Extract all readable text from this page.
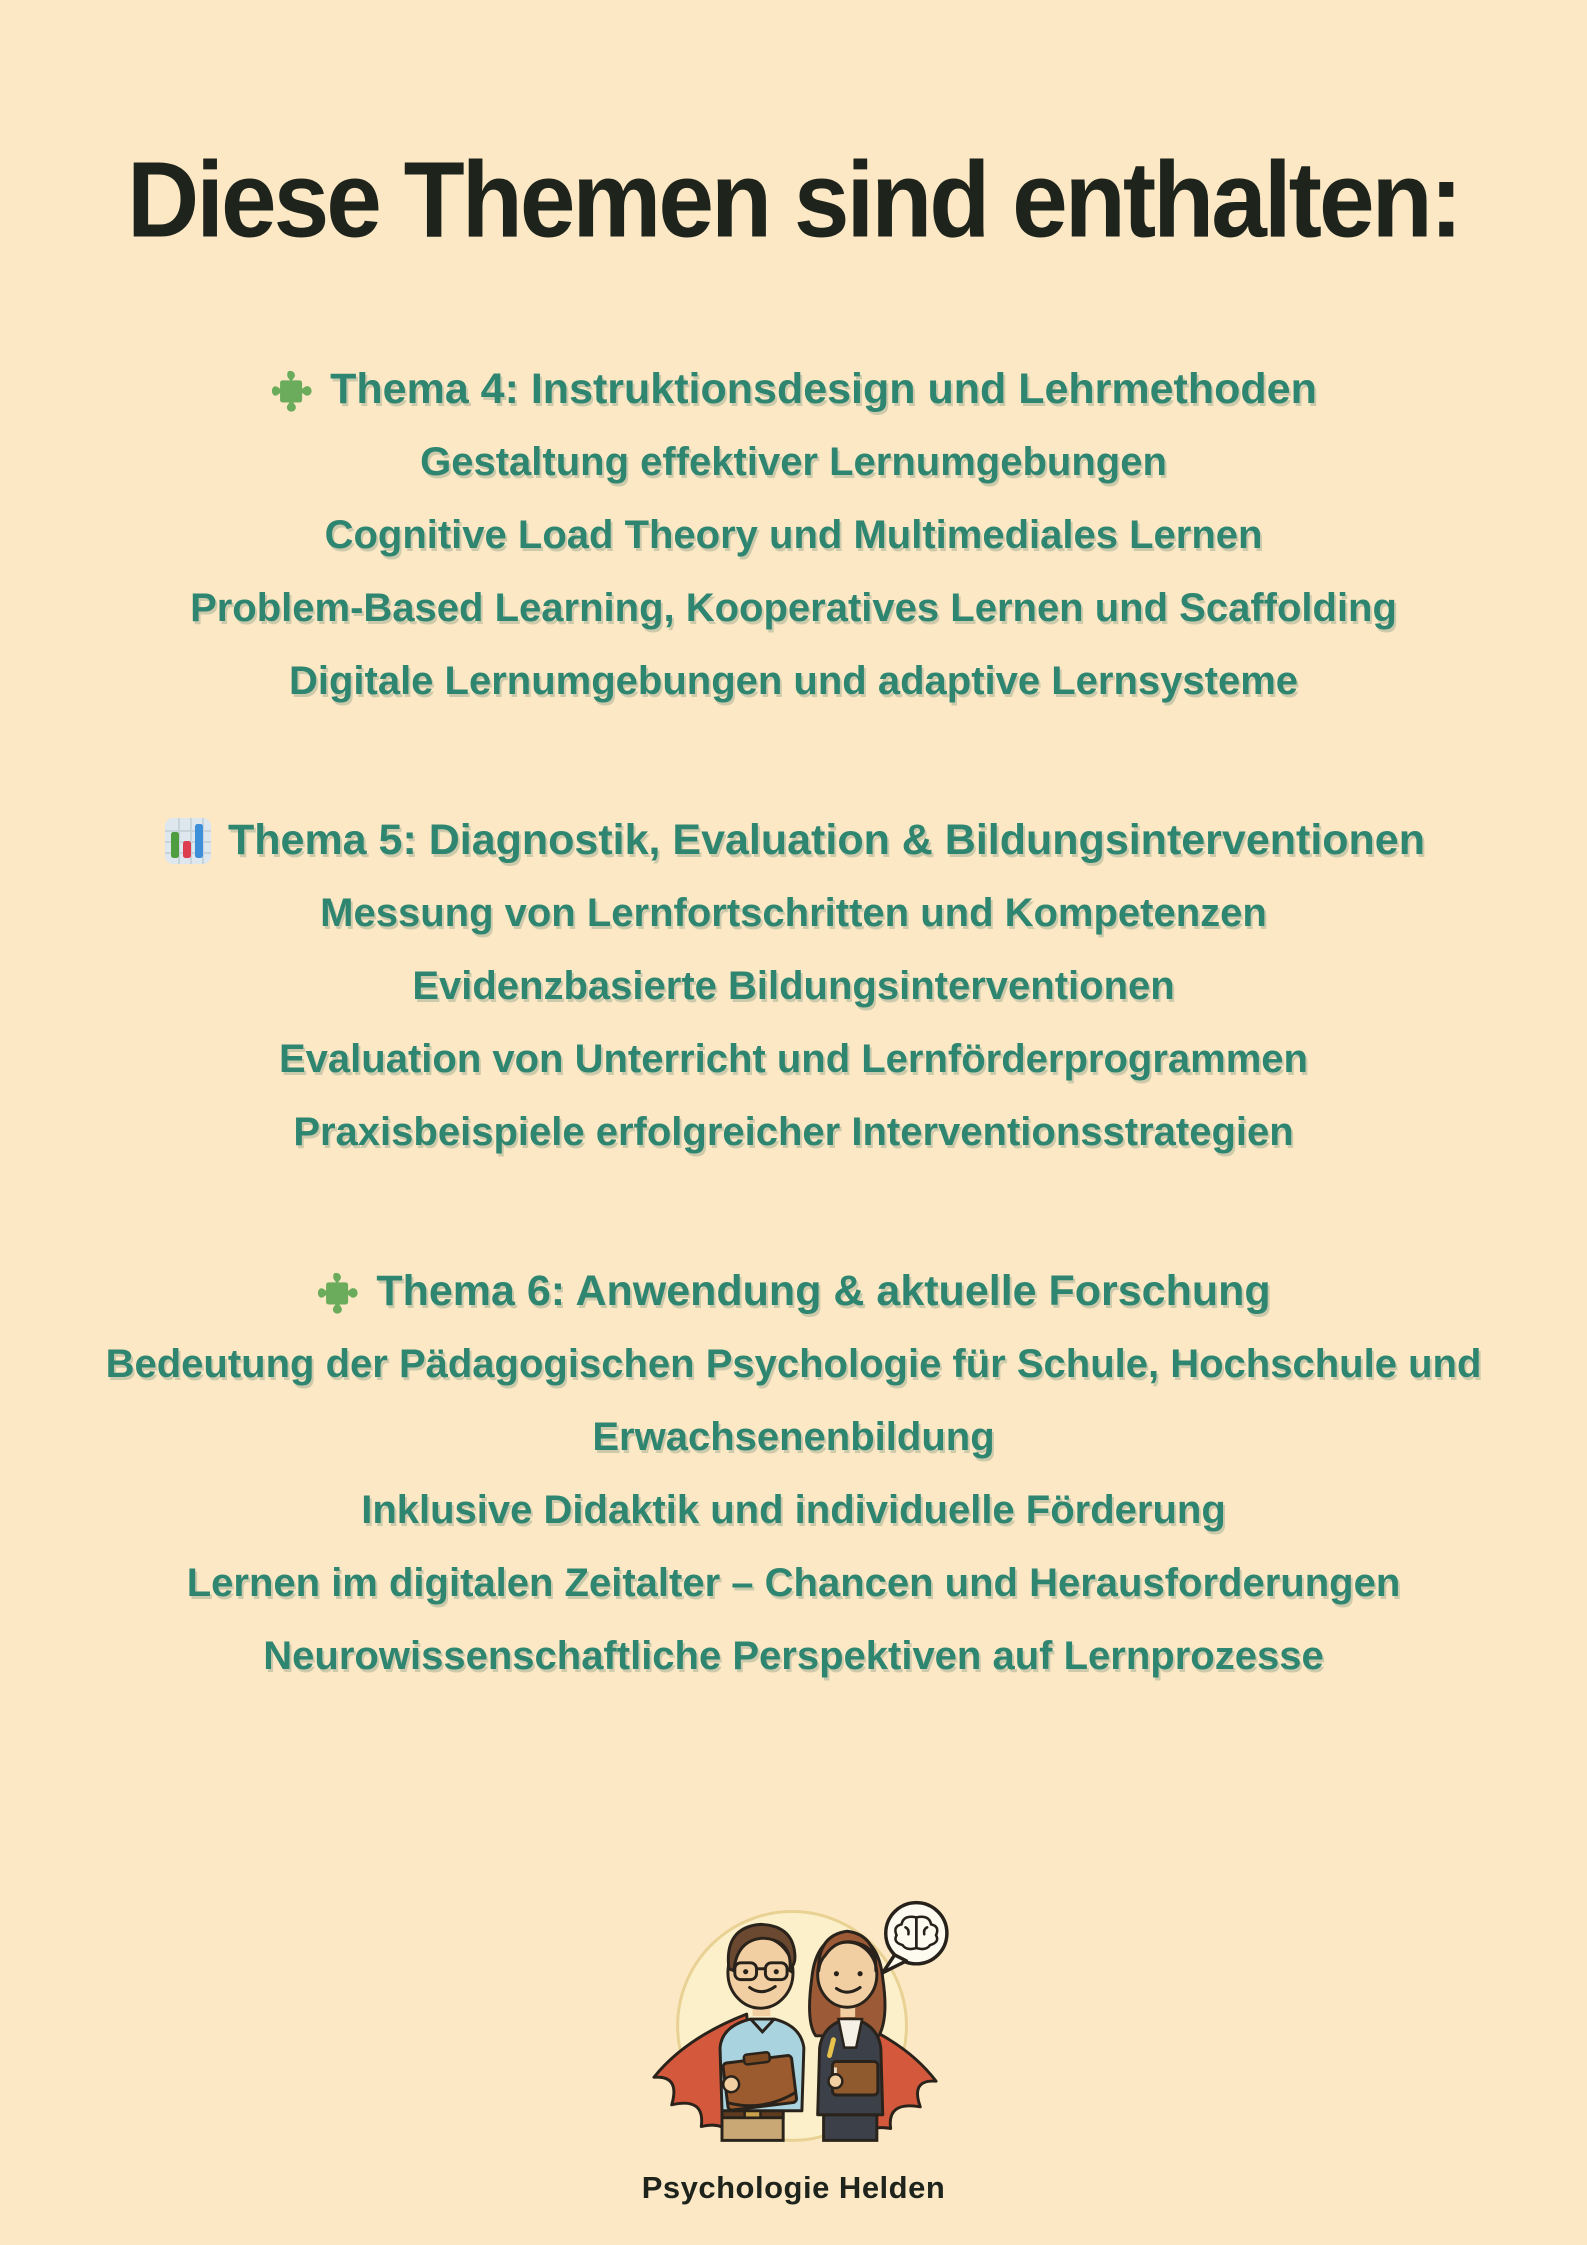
Diese Themen sind enthalten:
Thema 4: Instruktionsdesign und Lehrmethoden

Gestaltung effektiver Lernumgebungen

Cognitive Load Theory und Multimediales Lernen

Problem-Based Learning, Kooperatives Lernen und Scaffolding

Digitale Lernumgebungen und adaptive Lernsysteme

Thema 5: Diagnostik, Evaluation & Bildungsinterventionen

Messung von Lernfortschritten und Kompetenzen

Evidenzbasierte Bildungsinterventionen

Evaluation von Unterricht und Lernförderprogrammen

Praxisbeispiele erfolgreicher Interventionsstrategien

Thema 6: Anwendung & aktuelle Forschung

Bedeutung der Pädagogischen Psychologie für Schule, Hochschule und Erwachsenenbildung

Inklusive Didaktik und individuelle Förderung

Lernen im digitalen Zeitalter – Chancen und Herausforderungen

Neurowissenschaftliche Perspektiven auf Lernprozesse

Psychologie Helden
